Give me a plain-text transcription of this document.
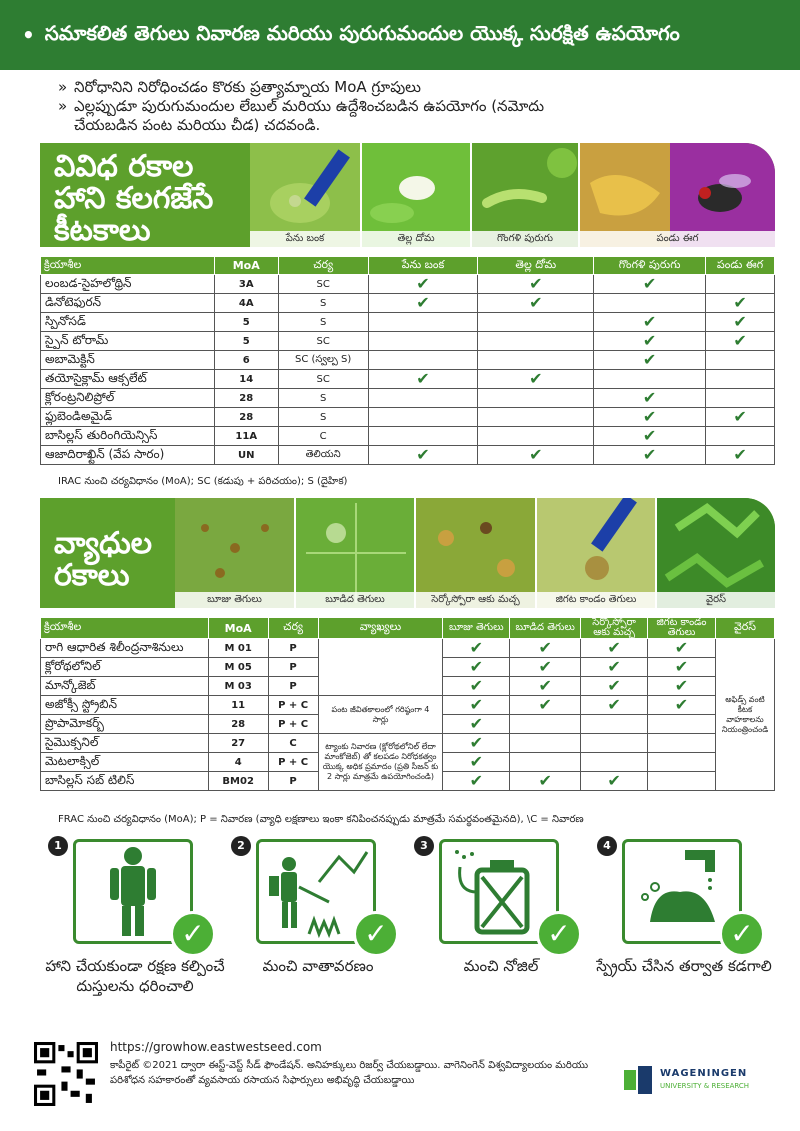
• సమాకలిత తెగులు నివారణ మరియు పురుగుమందుల యొక్క సురక్షిత ఉపయోగం
» నిరోధానిని నిరోధించడం కొరకు ప్రత్యామ్నాయ MoA గ్రూపులు
» ఎల్లప్పుడూ పురుగుమందుల లేబుల్ మరియు ఉద్దేశించబడిన ఉపయోగం (నమోదు
చేయబడిన పంట మరియు చీడ) చదవండి.
వివిధ రకాల
హాని కలగజేసే
కీటకాలు	పేను బంక	తెల్ల దోమ	గొంగళి పురుగు	పండు ఈగ
క్రియాశీల	MoA	చర్య	పేను బంక	తెల్ల దోమ	గొంగళి పురుగు	పండు ఈగ
లంబడ-సైహలోథ్రిన్	3A	SC	✔	✔	✔	
డినోటెఫురన్	4A	S	✔	✔		✔
స్పినోసడ్	5	S			✔	✔
స్పైన్ టోరామ్	5	SC			✔	✔
అబామెక్టిన్	6	SC (స్వల్ప S)			✔	
తయోసైక్లామ్ ఆక్సలేట్	14	SC	✔	✔		
క్లోరంట్రనిలిప్రోల్	28	S			✔	
ఫ్లుబెండిఅమైడ్	28	S			✔	✔
బాసిల్లస్ తురింగియెన్సిస్	11A	C			✔	
ఆజాదిరాఖ్టిన్ (వేప సారం)	UN	తెలియని	✔	✔	✔	✔
IRAC నుంచి చర్యవిధానం (MoA); SC (కడుపు + పరిచయం); S (దైహిక)
వ్యాధుల
రకాలు
బూజు తెగులు	బూడిద తెగులు	సెర్కోస్పోరా ఆకు మచ్చ	జిగట కాండం తెగులు	వైరస్
క్రియాశీల	MoA	చర్య	వ్యాఖ్యలు	బూజు తెగులు	బూడిద తెగులు	సెర్కోస్పోరా ఆకు మచ్చ	జిగట కాండం తెగులు	వైరస్
రాగి ఆధారిత శిలీంద్రనాశినులు	M 01	P		✔	✔	✔	✔	అఫిడ్స్ వంటి కీటక వాహకాలను నియంత్రించండి
క్లోరోథలోనిల్	M 05	P		✔	✔	✔	✔	
మాన్కోజెబ్	M 03	P		✔	✔	✔	✔	
అజోక్సీ స్ట్రోబిన్	11	P + C	పంట జీవితకాలంలో గరిష్ఠంగా 4 సార్లు	✔	✔	✔	✔	
ప్రొపామోకర్బ్	28	P + C		✔				
సైమొక్సనిల్	27	C	ట్యాంకు నివారణ (క్లోరోథలోనిల్ లేదా మాంకోజెబ్) తో కలపడం నిరోధకత్వం యొక్క అధిక ప్రమాదం (ప్రతి సీజన్ కు 2 సార్లు మాత్రమే ఉపయోగించండి)	✔				
మెటలాక్సిల్	4	P + C		✔				
బాసిల్లస్ సబ్ టిలిస్	BM02	P		✔	✔	✔		
FRAC నుంచి చర్యవిధానం (MoA); P = నివారణ (వ్యాధి లక్షణాలు ఇంకా కనిపించనప్పుడు మాత్రమే సమర్థవంతమైనది), \C = నివారణ
1
✓
హాని చేయకుండా రక్షణ కల్పించే దుస్తులను ధరించాలి
2
✓
మంచి వాతావరణం
3
✓
మంచి నోజిల్
4
✓
స్ప్రేయ్ చేసిన తర్వాత కడగాలి
https://growhow.eastwestseed.com
కాపీరైట్ ©2021 ద్వారా ఈస్ట్-వెస్ట్ సీడ్ ఫౌండేషన్. అనిహక్కులు రిజర్వ్ చేయబడ్డాయి. వాగెనింగెన్ విశ్వవిద్యాలయం మరియు పరిశోధన సహకారంతో వ్యవసాయ రసాయన సిఫార్సులు అభివృద్ధి చేయబడ్డాయి
WAGENINGEN
UNIVERSITY & RESEARCH
